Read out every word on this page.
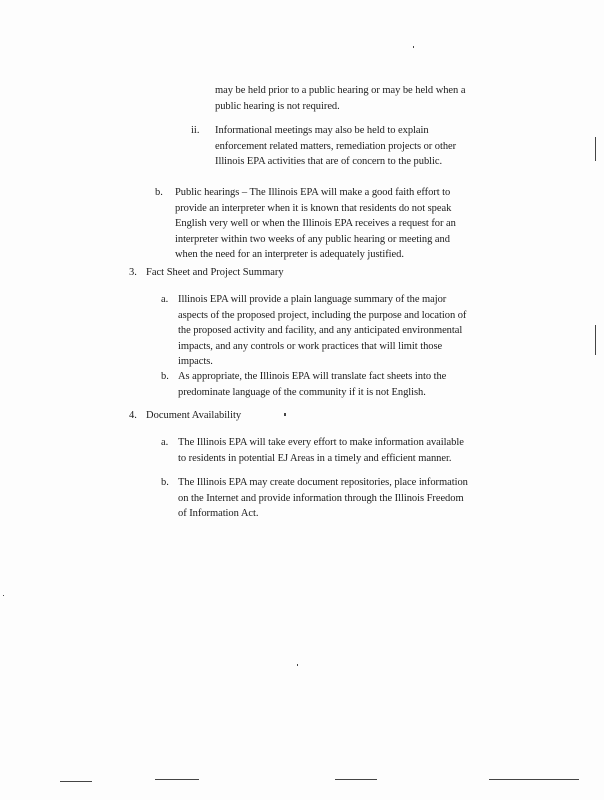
may be held prior to a public hearing or may be held when a
public hearing is not required.
ii. Informational meetings may also be held to explain
enforcement related matters, remediation projects or other
Illinois EPA activities that are of concern to the public.
b. Public hearings – The Illinois EPA will make a good faith effort to
provide an interpreter when it is known that residents do not speak
English very well or when the Illinois EPA receives a request for an
interpreter within two weeks of any public hearing or meeting and
when the need for an interpreter is adequately justified.
3. Fact Sheet and Project Summary
a. Illinois EPA will provide a plain language summary of the major
aspects of the proposed project, including the purpose and location of
the proposed activity and facility, and any anticipated environmental
impacts, and any controls or work practices that will limit those
impacts.
b. As appropriate, the Illinois EPA will translate fact sheets into the
predominate language of the community if it is not English.
4. Document Availability
a. The Illinois EPA will take every effort to make information available
to residents in potential EJ Areas in a timely and efficient manner.
b. The Illinois EPA may create document repositories, place information
on the Internet and provide information through the Illinois Freedom
of Information Act.
